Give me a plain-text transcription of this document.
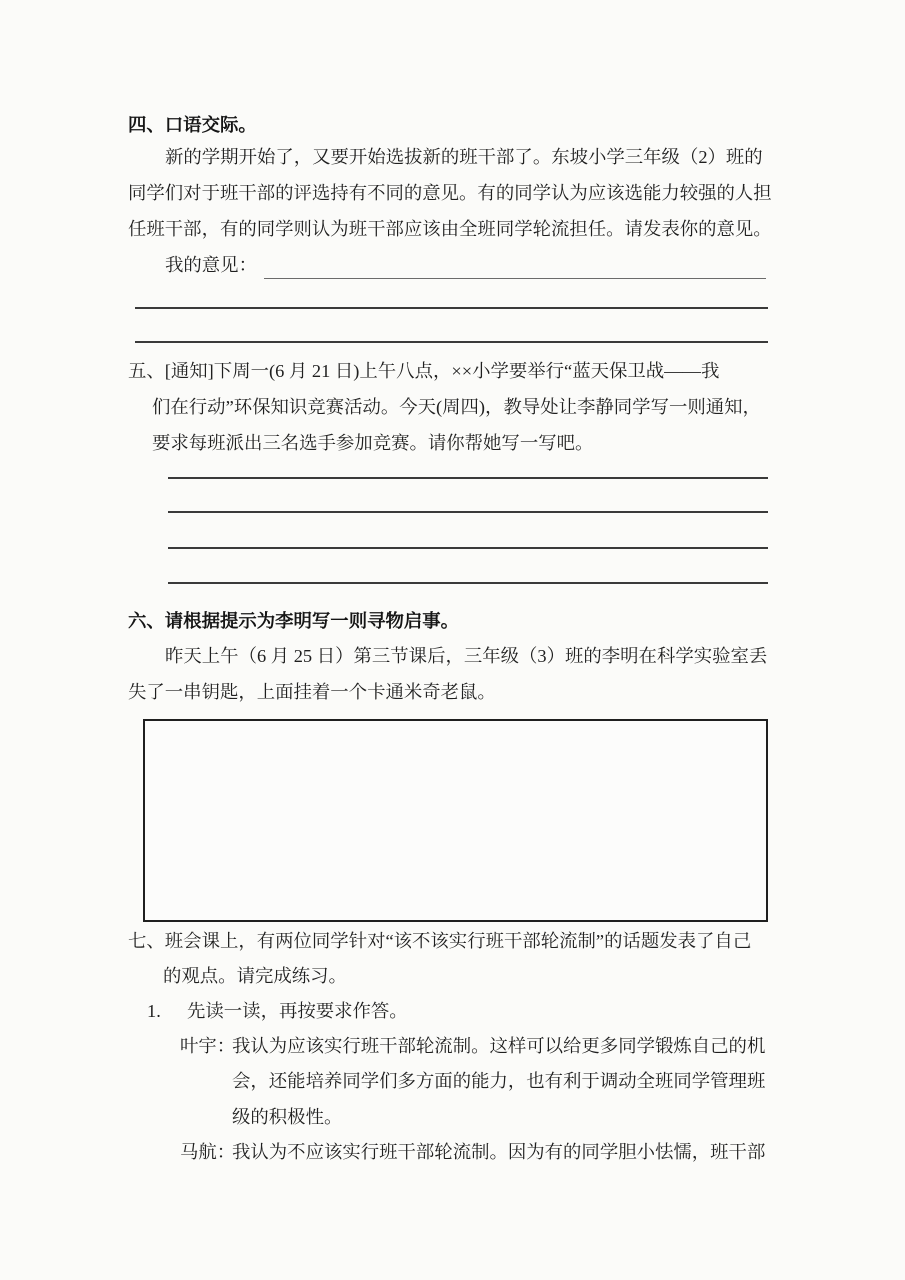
四、口语交际。
新的学期开始了，又要开始选拔新的班干部了。东坡小学三年级（2）班的
同学们对于班干部的评选持有不同的意见。有的同学认为应该选能力较强的人担
任班干部，有的同学则认为班干部应该由全班同学轮流担任。请发表你的意见。
我的意见：
五、[通知]下周一(6 月 21 日)上午八点，××小学要举行“蓝天保卫战——我
们在行动”环保知识竞赛活动。今天(周四)，教导处让李静同学写一则通知，
要求每班派出三名选手参加竞赛。请你帮她写一写吧。
六、请根据提示为李明写一则寻物启事。
昨天上午（6 月 25 日）第三节课后，三年级（3）班的李明在科学实验室丢
失了一串钥匙，上面挂着一个卡通米奇老鼠。
七、班会课上，有两位同学针对“该不该实行班干部轮流制”的话题发表了自己
的观点。请完成练习。
1. 先读一读，再按要求作答。
叶宇：
我认为应该实行班干部轮流制。这样可以给更多同学锻炼自己的机
会，还能培养同学们多方面的能力，也有利于调动全班同学管理班
级的积极性。
马航：
我认为不应该实行班干部轮流制。因为有的同学胆小怯懦，班干部
